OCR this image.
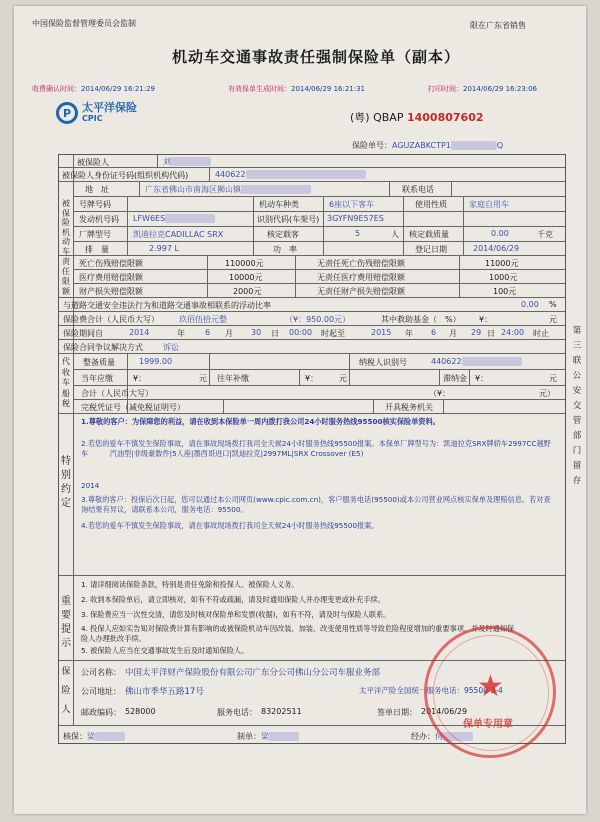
中国保险监督管理委员会监制	限在广东省销售
机动车交通事故责任强制保险单（副本）
收费确认时间：2014/06/29 16:21:29	有效保单生成时间：2014/06/29 16:21:31	打印时间：2014/06/29 16:23:06
P 太平洋保险
CPIC	(粤) QBAP 1400807602
保险单号：AGUZABKCTP1	Q
被保险人	刘
被保险人身份证号码(组织机构代码)	440622
地　址	广东省佛山市南海区狮山镇	联系电话
被保险机动车
号牌号码	机动车种类	6座以下客车	使用性质	家庭自用车
发动机号码 LFW6ES	识别代码(车架号) 3GYFN9E57ES
厂牌型号	凯迪拉克CADILLAC SRX	核定载客	5	人 核定载质量	0.00	千克
排　量	2.997 L	功　率	登记日期	2014/06/29
责任限额
死亡伤残赔偿限额	110000元	无责任死亡伤残赔偿限额	11000元
医疗费用赔偿限额	10000元	无责任医疗费用赔偿限额	1000元
财产损失赔偿限额	2000元	无责任财产损失赔偿限额	100元
与道路交通安全违法行为和道路交通事故相联系的浮动比率	0.00 %
保险费合计（人民币大写）	玖佰伍拾元整	（¥：950.00元）	其中救助基金（ %） ¥：	元
保险期间自	2014	年	6 月 30 日 00:00 时起至	2015 年 6 月 29 日 24:00 时止
保险合同争议解决方式	诉讼
代收车船税
整备质量	1999.00	纳税人识别号	440622
当年应缴	¥：	元 往年补缴	¥：	元	滞纳金 ¥：	元
合计（人民币大写）	（¥：	元）
完税凭证号（减免税证明号）	开具税务机关
特别约定
1.尊敬的客户：为保障您的利益，请在收到本保险单一周内拨打我公司24小时服务热线95500核实保险单资料。
2.若您的爱车不慎发生保险事故，请在事故现场拨打我司全天候24小时服务热线95500报案。本保单厂牌型号为：凯迪拉克SRX牌轿车2997CC越野车　　　汽油型|非级豪数件|5人座|墨西哥进口|凯迪拉克|2997ML|SRX Crossover (E5)
2014
3.尊敬的客户：投保后次日起，您可以通过本公司网页(www.cpic.com.cn)，客户服务电话(95500)或本公司营业网点核实保单及理赔信息。若对查询结果有异议，请联系本公司，服务电话：95500。
4.若您的爱车不慎发生保险事故，请在事故现场拨打我司全天候24小时服务热线95500报案。
重要提示
1. 请详细阅读保险条款，特别是责任免除和投保人、被保险人义务。
2. 收到本保险单后，请立即核对，如有不符或疏漏，请及时通知保险人并办理变更或补充手续。
3. 保险费应当一次性交清，请您及时核对保险单和发票(收据)，如有不符，请及时与保险人联系。
4. 投保人应如实告知对保险费计算有影响的或被保险机动车因改装、加装、改变使用性质等导致危险程度增加的重要事项，并及时通知保险人办理批改手续。
5. 被保险人应当在交通事故发生后及时通知保险人。
保险人
公司名称： 中国太平洋财产保险股份有限公司广东分公司佛山分公司车服业务部
公司地址： 佛山市季华五路17号	太平洋产险全国统一服务电话：95500-3-4
邮政编码： 528000	服务电话： 83202511	签单日期： 2014/06/29
核保：梁	制单：梁	经办：何
★
保单专用章
第三联 公安交管部门留存
